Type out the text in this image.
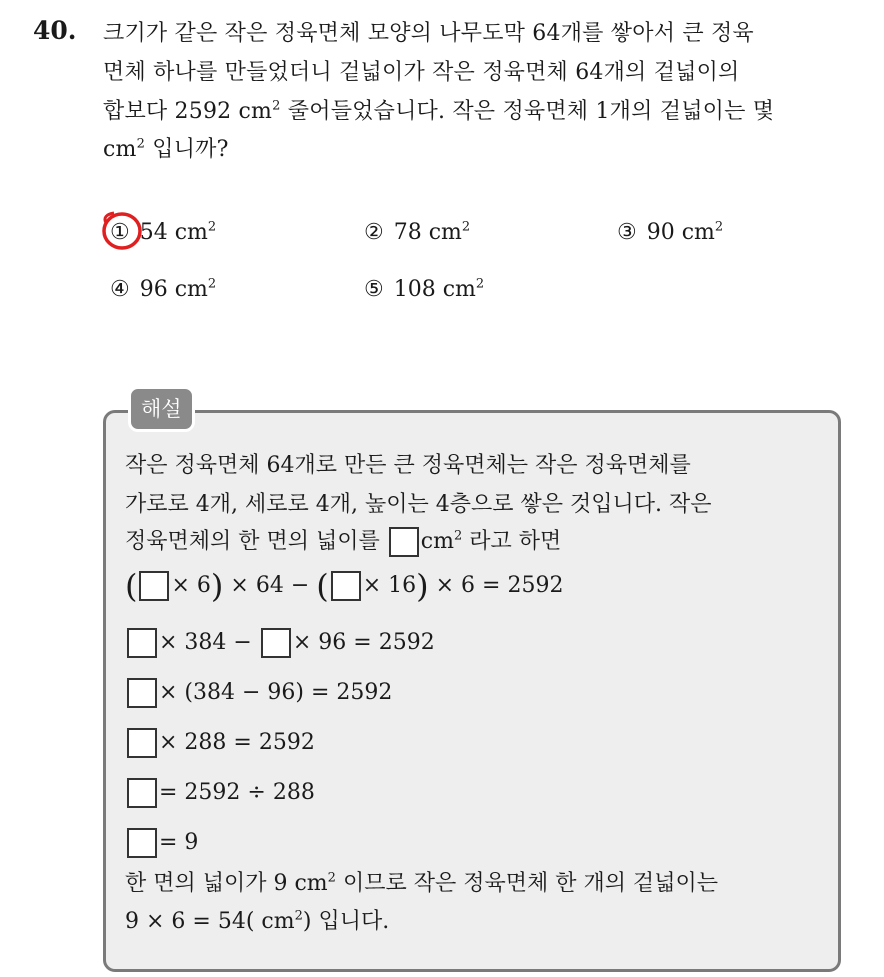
40. 크기가 같은 작은 정육면체 모양의 나무도막 64개를 쌓아서 큰 정육
면체 하나를 만들었더니 겉넓이가 작은 정육면체 64개의 겉넓이의
합보다 2592 $cm^2$ 줄어들었습니다. 작은 정육면체 1개의 겉넓이는 몇
$cm^2$ 입니까?
① 54 $cm^2$	② 78 $cm^2$	③ 90 $cm^2$
④ 96 $cm^2$	⑤ 108 $cm^2$
해설
작은 정육면체 64개로 만든 큰 정육면체는 작은 정육면체를
가로로 4개, 세로로 4개, 높이는 4층으로 쌓은 것입니다. 작은
정육면체의 한 면의 넓이를 $cm^2$ 라고 하면
( × 6) × 64 − ( × 16) × 6 = 2592
× 384 − × 96 = 2592
× (384 − 96) = 2592
× 288 = 2592
= 2592 ÷ 288
= 9
한 면의 넓이가 9 $cm^2$ 이므로 작은 정육면체 한 개의 겉넓이는
9 × 6 = 54( $cm^2$) 입니다.
